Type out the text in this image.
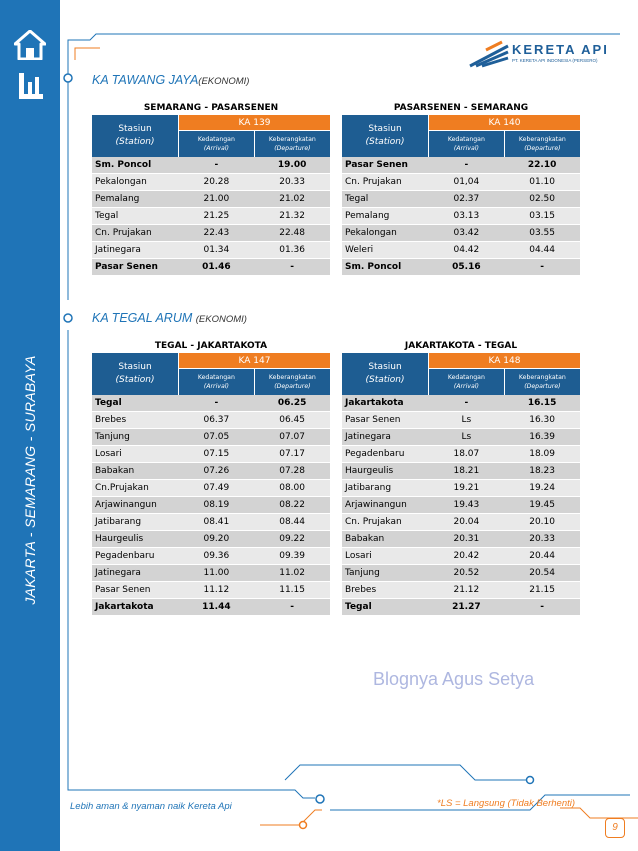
JAKARTA - SEMARANG - SURABAYA
KERETA API
PT. KERETA API INDONESIA (PERSERO)
KA TAWANG JAYA(EKONOMI)
KA TEGAL ARUM (EKONOMI)
SEMARANG - PASARSENEN
Stasiun
(Station)	KA 139	
	Kedatangan
(Arrival)	Keberangkatan
(Departure)
Sm. Poncol	-	19.00
Pekalongan	20.28	20.33
Pemalang	21.00	21.02
Tegal	21.25	21.32
Cn. Prujakan	22.43	22.48
Jatinegara	01.34	01.36
Pasar Senen	01.46	-
PASARSENEN - SEMARANG
Stasiun
(Station)	KA 140	
	Kedatangan
(Arrival)	Keberangkatan
(Departure)
Pasar Senen	-	22.10
Cn. Prujakan	01,04	01.10
Tegal	02.37	02.50
Pemalang	03.13	03.15
Pekalongan	03.42	03.55
Weleri	04.42	04.44
Sm. Poncol	05.16	-
TEGAL - JAKARTAKOTA
Stasiun
(Station)	KA 147	
	Kedatangan
(Arrival)	Keberangkatan
(Departure)
Tegal	-	06.25
Brebes	06.37	06.45
Tanjung	07.05	07.07
Losari	07.15	07.17
Babakan	07.26	07.28
Cn.Prujakan	07.49	08.00
Arjawinangun	08.19	08.22
Jatibarang	08.41	08.44
Haurgeulis	09.20	09.22
Pegadenbaru	09.36	09.39
Jatinegara	11.00	11.02
Pasar Senen	11.12	11.15
Jakartakota	11.44	-
JAKARTAKOTA - TEGAL
Stasiun
(Station)	KA 148	
	Kedatangan
(Arrival)	Keberangkatan
(Departure)
Jakartakota	-	16.15
Pasar Senen	Ls	16.30
Jatinegara	Ls	16.39
Pegadenbaru	18.07	18.09
Haurgeulis	18.21	18.23
Jatibarang	19.21	19.24
Arjawinangun	19.43	19.45
Cn. Prujakan	20.04	20.10
Babakan	20.31	20.33
Losari	20.42	20.44
Tanjung	20.52	20.54
Brebes	21.12	21.15
Tegal	21.27	-
Blognya Agus Setya
Lebih aman & nyaman naik Kereta Api	*LS = Langsung (Tidak Berhenti)
9
